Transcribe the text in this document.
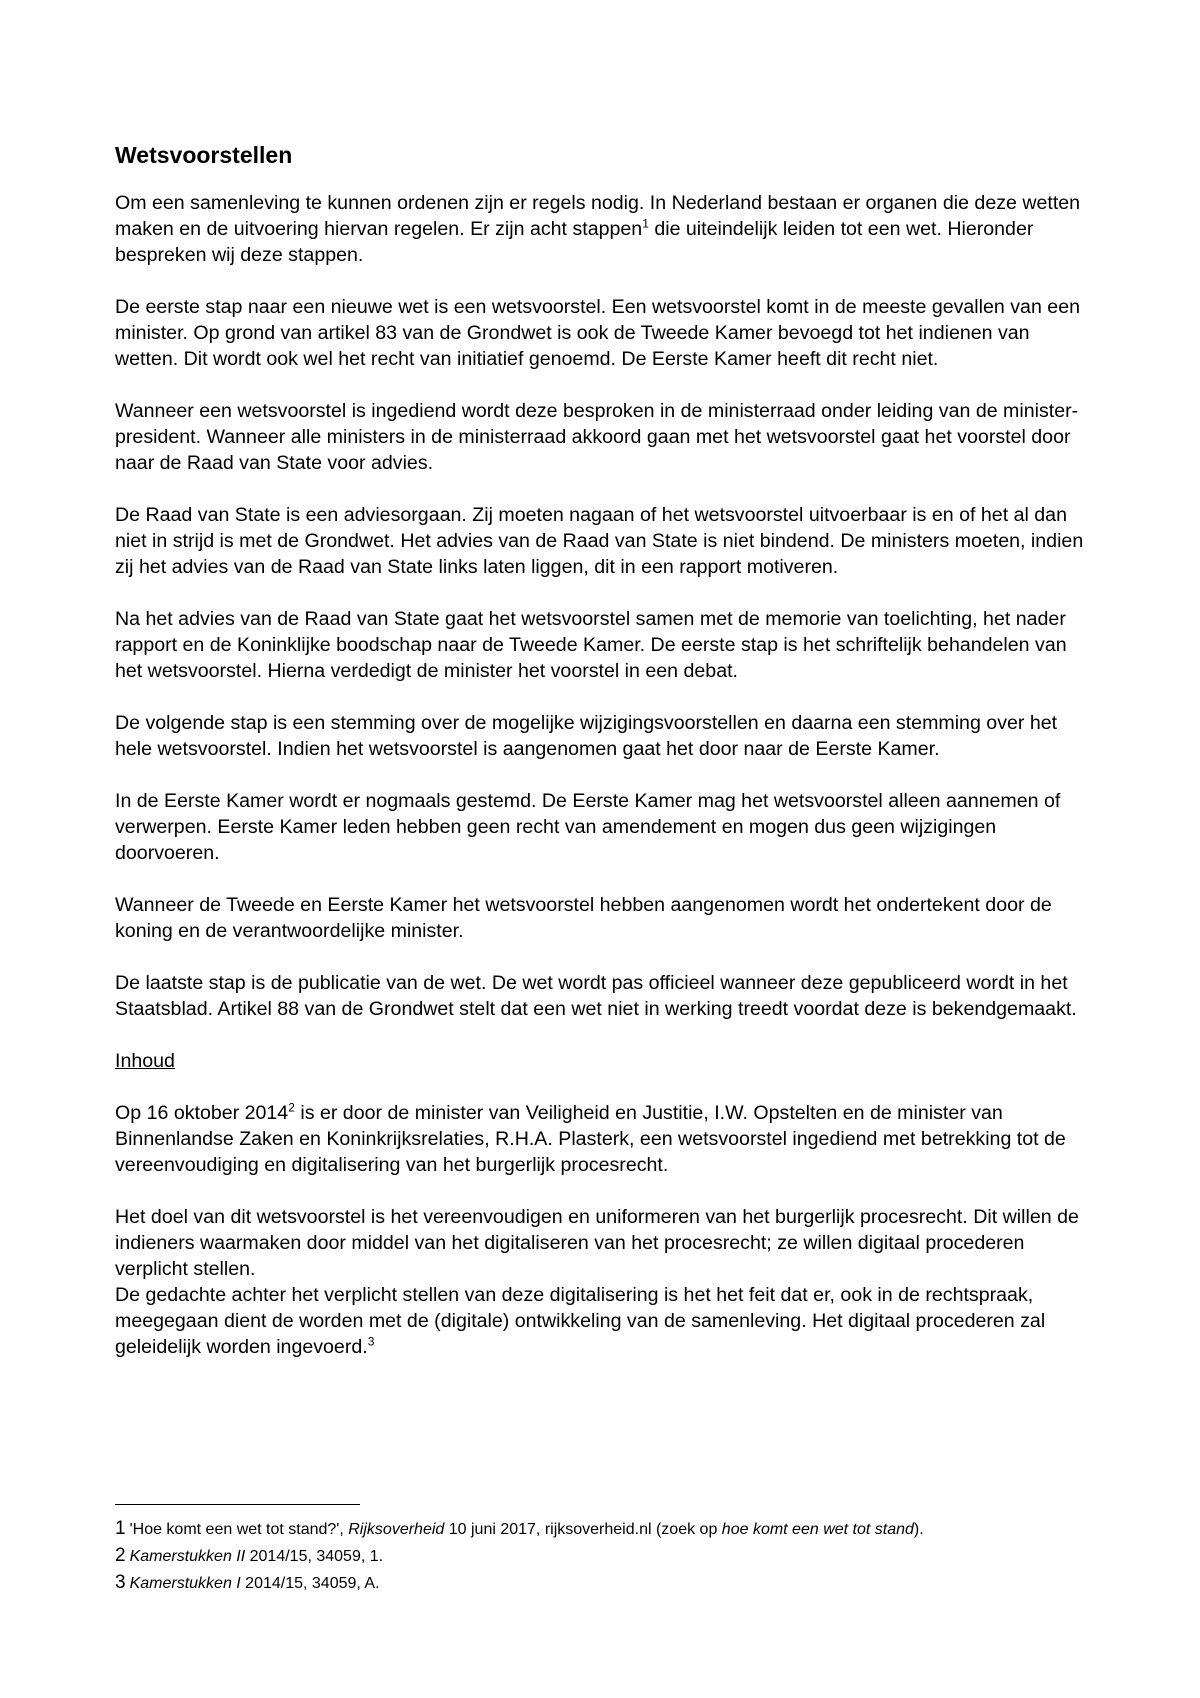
Wetsvoorstellen

Om een samenleving te kunnen ordenen zijn er regels nodig. In Nederland bestaan er organen die deze wetten maken en de uitvoering hiervan regelen. Er zijn acht stappen$^1$ die uiteindelijk leiden tot een wet. Hieronder bespreken wij deze stappen.

De eerste stap naar een nieuwe wet is een wetsvoorstel. Een wetsvoorstel komt in de meeste gevallen van een minister. Op grond van artikel 83 van de Grondwet is ook de Tweede Kamer bevoegd tot het indienen van wetten. Dit wordt ook wel het recht van initiatief genoemd. De Eerste Kamer heeft dit recht niet.

Wanneer een wetsvoorstel is ingediend wordt deze besproken in de ministerraad onder leiding van de minister-president. Wanneer alle ministers in de ministerraad akkoord gaan met het wetsvoorstel gaat het voorstel door naar de Raad van State voor advies.

De Raad van State is een adviesorgaan. Zij moeten nagaan of het wetsvoorstel uitvoerbaar is en of het al dan niet in strijd is met de Grondwet. Het advies van de Raad van State is niet bindend. De ministers moeten, indien zij het advies van de Raad van State links laten liggen, dit in een rapport motiveren.

Na het advies van de Raad van State gaat het wetsvoorstel samen met de memorie van toelichting, het nader rapport en de Koninklijke boodschap naar de Tweede Kamer. De eerste stap is het schriftelijk behandelen van het wetsvoorstel. Hierna verdedigt de minister het voorstel in een debat.

De volgende stap is een stemming over de mogelijke wijzigingsvoorstellen en daarna een stemming over het hele wetsvoorstel. Indien het wetsvoorstel is aangenomen gaat het door naar de Eerste Kamer.

In de Eerste Kamer wordt er nogmaals gestemd. De Eerste Kamer mag het wetsvoorstel alleen aannemen of verwerpen. Eerste Kamer leden hebben geen recht van amendement en mogen dus geen wijzigingen doorvoeren.

Wanneer de Tweede en Eerste Kamer het wetsvoorstel hebben aangenomen wordt het ondertekent door de koning en de verantwoordelijke minister.

De laatste stap is de publicatie van de wet. De wet wordt pas officieel wanneer deze gepubliceerd wordt in het Staatsblad. Artikel 88 van de Grondwet stelt dat een wet niet in werking treedt voordat deze is bekendgemaakt.

Inhoud

Op 16 oktober 2014$^2$ is er door de minister van Veiligheid en Justitie, I.W. Opstelten en de minister van Binnenlandse Zaken en Koninkrijksrelaties, R.H.A. Plasterk, een wetsvoorstel ingediend met betrekking tot de vereenvoudiging en digitalisering van het burgerlijk procesrecht.

Het doel van dit wetsvoorstel is het vereenvoudigen en uniformeren van het burgerlijk procesrecht. Dit willen de indieners waarmaken door middel van het digitaliseren van het procesrecht; ze willen digitaal procederen verplicht stellen.

De gedachte achter het verplicht stellen van deze digitalisering is het het feit dat er, ook in de rechtspraak, meegegaan dient de worden met de (digitale) ontwikkeling van de samenleving. Het digitaal procederen zal geleidelijk worden ingevoerd.$^3$

1 'Hoe komt een wet tot stand?', Rijksoverheid 10 juni 2017, rijksoverheid.nl (zoek op hoe komt een wet tot stand).
2 Kamerstukken II 2014/15, 34059, 1.
3 Kamerstukken I 2014/15, 34059, A.
